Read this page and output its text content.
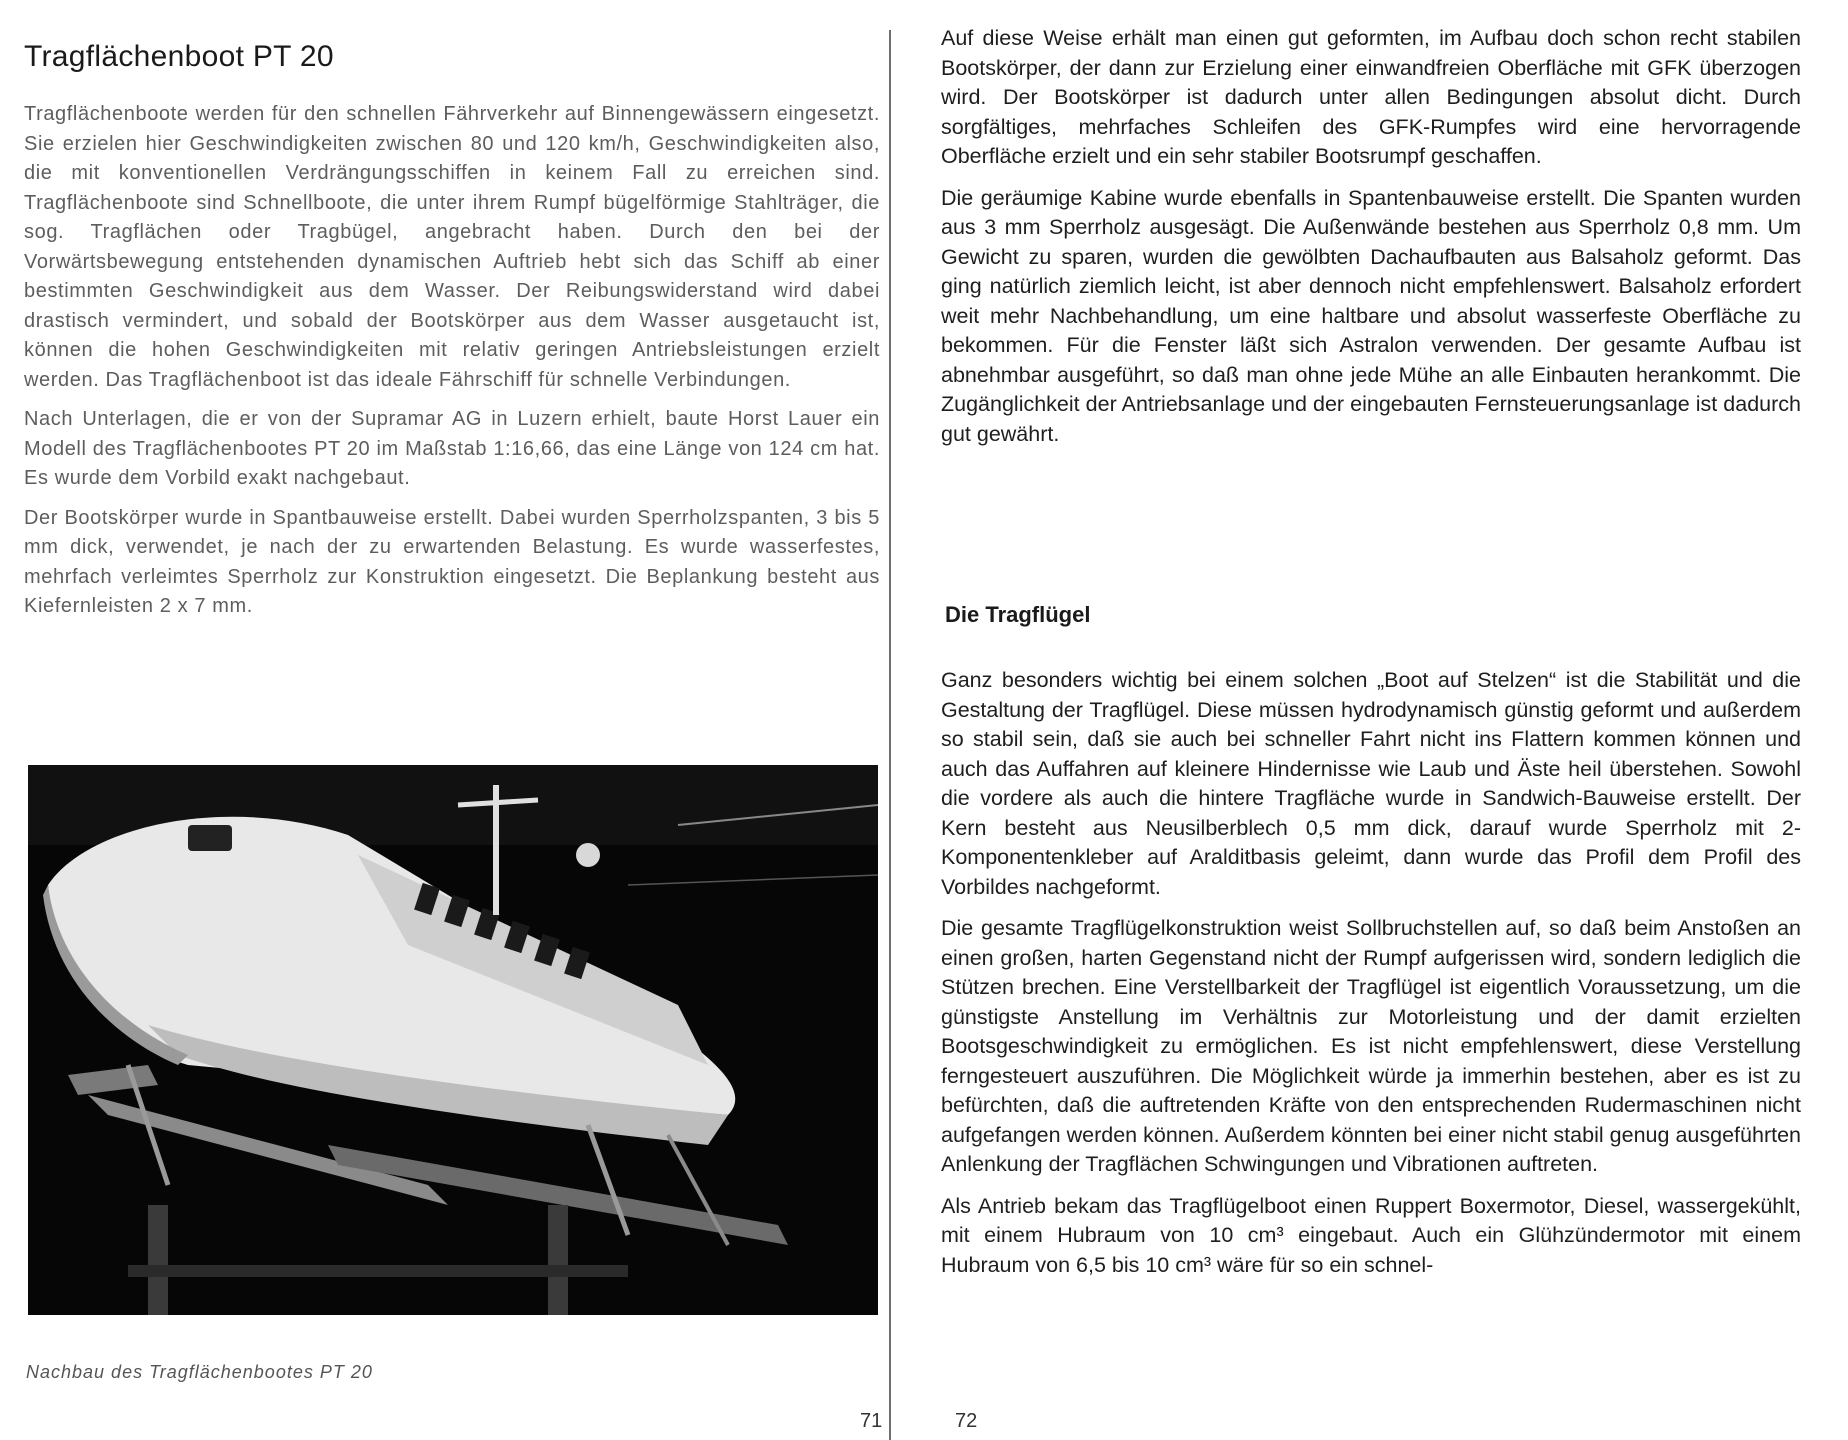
Tragflächenboot PT 20

Tragflächenboote werden für den schnellen Fährverkehr auf Binnengewässern eingesetzt. Sie erzielen hier Geschwindigkeiten zwischen 80 und 120 km/h, Geschwindigkeiten also, die mit konventionellen Verdrängungsschiffen in keinem Fall zu erreichen sind. Tragflächenboote sind Schnellboote, die unter ihrem Rumpf bügelförmige Stahlträger, die sog. Tragflächen oder Tragbügel, angebracht haben. Durch den bei der Vorwärtsbewegung entstehenden dynamischen Auftrieb hebt sich das Schiff ab einer bestimmten Geschwindigkeit aus dem Wasser. Der Reibungswiderstand wird dabei drastisch vermindert, und sobald der Bootskörper aus dem Wasser ausgetaucht ist, können die hohen Geschwindigkeiten mit relativ geringen Antriebsleistungen erzielt werden. Das Tragflächenboot ist das ideale Fährschiff für schnelle Verbindungen.

Nach Unterlagen, die er von der Supramar AG in Luzern erhielt, baute Horst Lauer ein Modell des Tragflächenbootes PT 20 im Maßstab 1:16,66, das eine Länge von 124 cm hat. Es wurde dem Vorbild exakt nachgebaut.

Der Bootskörper wurde in Spantbauweise erstellt. Dabei wurden Sperrholzspanten, 3 bis 5 mm dick, verwendet, je nach der zu erwartenden Belastung. Es wurde wasserfestes, mehrfach verleimtes Sperrholz zur Konstruktion eingesetzt. Die Beplankung besteht aus Kiefernleisten 2 x 7 mm.

Nachbau des Tragflächenbootes PT 20
71

Auf diese Weise erhält man einen gut geformten, im Aufbau doch schon recht stabilen Bootskörper, der dann zur Erzielung einer einwandfreien Oberfläche mit GFK überzogen wird. Der Bootskörper ist dadurch unter allen Bedingungen absolut dicht. Durch sorgfältiges, mehrfaches Schleifen des GFK-Rumpfes wird eine hervorragende Oberfläche erzielt und ein sehr stabiler Bootsrumpf geschaffen.

Die geräumige Kabine wurde ebenfalls in Spantenbauweise erstellt. Die Spanten wurden aus 3 mm Sperrholz ausgesägt. Die Außenwände bestehen aus Sperrholz 0,8 mm. Um Gewicht zu sparen, wurden die gewölbten Dachaufbauten aus Balsaholz geformt. Das ging natürlich ziemlich leicht, ist aber dennoch nicht empfehlenswert. Balsaholz erfordert weit mehr Nachbehandlung, um eine haltbare und absolut wasserfeste Oberfläche zu bekommen. Für die Fenster läßt sich Astralon verwenden. Der gesamte Aufbau ist abnehmbar ausgeführt, so daß man ohne jede Mühe an alle Einbauten herankommt. Die Zugänglichkeit der Antriebsanlage und der eingebauten Fernsteuerungsanlage ist dadurch gut gewährt.

Die Tragflügel

Ganz besonders wichtig bei einem solchen „Boot auf Stelzen“ ist die Stabilität und die Gestaltung der Tragflügel. Diese müssen hydrodynamisch günstig geformt und außerdem so stabil sein, daß sie auch bei schneller Fahrt nicht ins Flattern kommen können und auch das Auffahren auf kleinere Hindernisse wie Laub und Äste heil überstehen. Sowohl die vordere als auch die hintere Tragfläche wurde in Sandwich-Bauweise erstellt. Der Kern besteht aus Neusilberblech 0,5 mm dick, darauf wurde Sperrholz mit 2-Komponentenkleber auf Aralditbasis geleimt, dann wurde das Profil dem Profil des Vorbildes nachgeformt.

Die gesamte Tragflügelkonstruktion weist Sollbruchstellen auf, so daß beim Anstoßen an einen großen, harten Gegenstand nicht der Rumpf aufgerissen wird, sondern lediglich die Stützen brechen. Eine Verstellbarkeit der Tragflügel ist eigentlich Voraussetzung, um die günstigste Anstellung im Verhältnis zur Motorleistung und der damit erzielten Bootsgeschwindigkeit zu ermöglichen. Es ist nicht empfehlenswert, diese Verstellung ferngesteuert auszuführen. Die Möglichkeit würde ja immerhin bestehen, aber es ist zu befürchten, daß die auftretenden Kräfte von den entsprechenden Rudermaschinen nicht aufgefangen werden können. Außerdem könnten bei einer nicht stabil genug ausgeführten Anlenkung der Tragflächen Schwingungen und Vibrationen auftreten.

Als Antrieb bekam das Tragflügelboot einen Ruppert Boxermotor, Diesel, wassergekühlt, mit einem Hubraum von 10 cm³ eingebaut. Auch ein Glühzündermotor mit einem Hubraum von 6,5 bis 10 cm³ wäre für so ein schnel-

72
